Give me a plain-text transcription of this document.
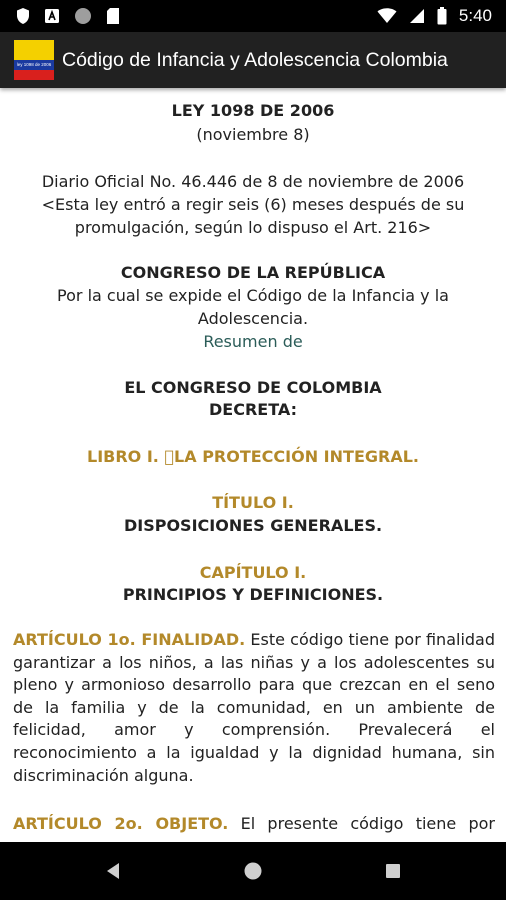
5:40
ley 1098 de 2006 Código de Infancia y Adolescencia Colombia
LEY 1098 DE 2006
(noviembre 8)
Diario Oficial No. 46.446 de 8 de noviembre de 2006
<Esta ley entró a regir seis (6) meses después de su
promulgación, según lo dispuso el Art. 216>
CONGRESO DE LA REPÚBLICA
Por la cual se expide el Código de la Infancia y la
Adolescencia.
Resumen de
EL CONGRESO DE COLOMBIA
DECRETA:
LIBRO I.  LA PROTECCIÓN INTEGRAL.
TÍTULO I.
DISPOSICIONES GENERALES.
CAPÍTULO I.
PRINCIPIOS Y DEFINICIONES.
ARTÍCULO 1o. FINALIDAD. Este código tiene por finalidad garantizar a los niños, a las niñas y a los adolescentes su pleno y armonioso desarrollo para que crezcan en el seno de la familia y de la comunidad, en un ambiente de felicidad, amor y comprensión. Prevalecerá el reconocimiento a la igualdad y la dignidad humana, sin discriminación alguna.
ARTÍCULO 2o. OBJETO. El presente código tiene por
